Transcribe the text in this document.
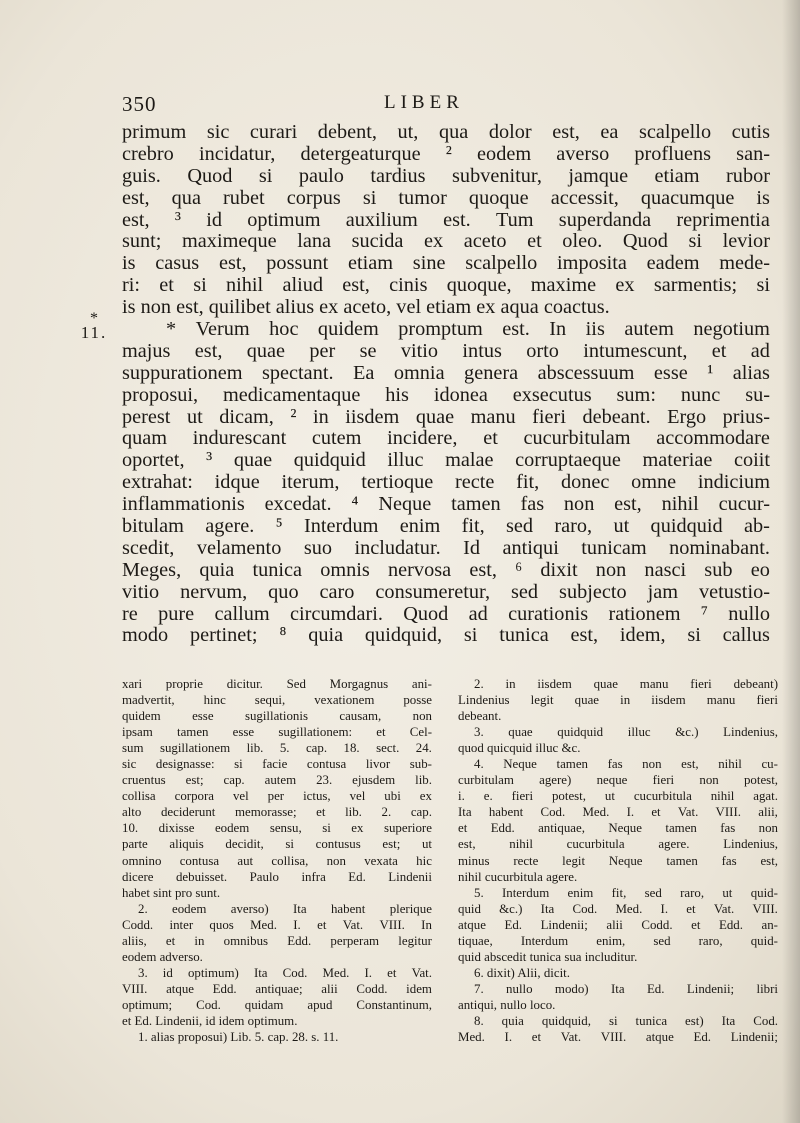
350	LIBER
*
11.
primum sic curari debent, ut, qua dolor est, ea scalpello cutis
crebro incidatur, detergeaturque ² eodem averso profluens san-
guis. Quod si paulo tardius subvenitur, jamque etiam rubor
est, qua rubet corpus si tumor quoque accessit, quacumque is
est, ³ id optimum auxilium est. Tum superdanda reprimentia
sunt; maximeque lana sucida ex aceto et oleo. Quod si levior
is casus est, possunt etiam sine scalpello imposita eadem mede-
ri: et si nihil aliud est, cinis quoque, maxime ex sarmentis; si
is non est, quilibet alius ex aceto, vel etiam ex aqua coactus.
* Verum hoc quidem promptum est. In iis autem negotium
majus est, quae per se vitio intus orto intumescunt, et ad
suppurationem spectant. Ea omnia genera abscessuum esse ¹ alias
proposui, medicamentaque his idonea exsecutus sum: nunc su-
perest ut dicam, ² in iisdem quae manu fieri debeant. Ergo prius-
quam indurescant cutem incidere, et cucurbitulam accommodare
oportet, ³ quae quidquid illuc malae corruptaeque materiae coiit
extrahat: idque iterum, tertioque recte fit, donec omne indicium
inflammationis excedat. ⁴ Neque tamen fas non est, nihil cucur-
bitulam agere. ⁵ Interdum enim fit, sed raro, ut quidquid ab-
scedit, velamento suo includatur. Id antiqui tunicam nominabant.
Meges, quia tunica omnis nervosa est, ⁶ dixit non nasci sub eo
vitio nervum, quo caro consumeretur, sed subjecto jam vetustio-
re pure callum circumdari. Quod ad curationis rationem ⁷ nullo
modo pertinet; ⁸ quia quidquid, si tunica est, idem, si callus
xari proprie dicitur. Sed Morgagnus ani-
madvertit, hinc sequi, vexationem posse
quidem esse sugillationis causam, non
ipsam tamen esse sugillationem: et Cel-
sum sugillationem lib. 5. cap. 18. sect. 24.
sic designasse: si facie contusa livor sub-
cruentus est; cap. autem 23. ejusdem lib.
collisa corpora vel per ictus, vel ubi ex
alto deciderunt memorasse; et lib. 2. cap.
10. dixisse eodem sensu, si ex superiore
parte aliquis decidit, si contusus est; ut
omnino contusa aut collisa, non vexata hic
dicere debuisset. Paulo infra Ed. Lindenii
habet sint pro sunt.
2. eodem averso) Ita habent plerique
Codd. inter quos Med. I. et Vat. VIII. In
aliis, et in omnibus Edd. perperam legitur
eodem adverso.
3. id optimum) Ita Cod. Med. I. et Vat.
VIII. atque Edd. antiquae; alii Codd. idem
optimum; Cod. quidam apud Constantinum,
et Ed. Lindenii, id idem optimum.
1. alias proposui) Lib. 5. cap. 28. s. 11.
2. in iisdem quae manu fieri debeant)
Lindenius legit quae in iisdem manu fieri
debeant.
3. quae quidquid illuc &c.) Lindenius,
quod quicquid illuc &c.
4. Neque tamen fas non est, nihil cu-
curbitulam agere) neque fieri non potest,
i. e. fieri potest, ut cucurbitula nihil agat.
Ita habent Cod. Med. I. et Vat. VIII. alii,
et Edd. antiquae, Neque tamen fas non
est,	nihil	cucurbitula	agere.	Lindenius,
minus recte legit Neque tamen fas est,
nihil cucurbitula agere.
5. Interdum enim fit, sed raro, ut quid-
quid &c.) Ita Cod. Med. I. et Vat. VIII.
atque Ed. Lindenii; alii Codd. et Edd. an-
tiquae, Interdum enim, sed raro, quid-
quid abscedit tunica sua includitur.
6. dixit) Alii, dicit.
7. nullo modo) Ita Ed. Lindenii; libri
antiqui, nullo loco.
8. quia quidquid, si tunica est) Ita Cod.
Med. I. et Vat. VIII. atque Ed. Lindenii;
